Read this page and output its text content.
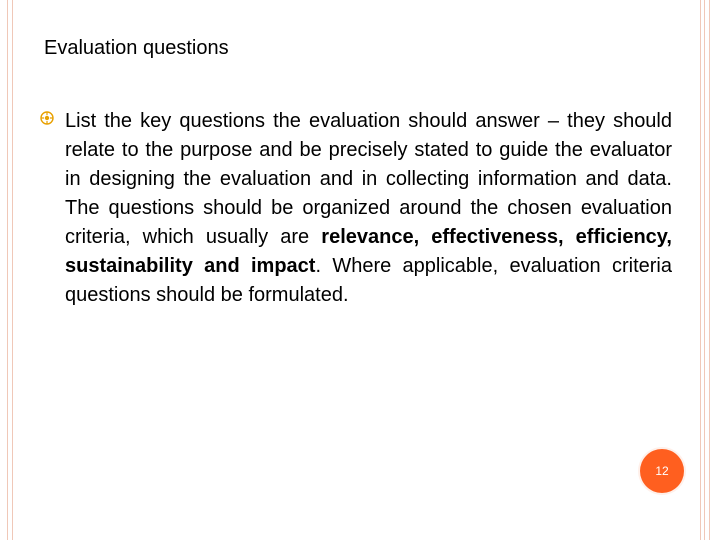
Evaluation questions

List the key questions the evaluation should answer – they should relate to the purpose and be precisely stated to guide the evaluator in designing the evaluation and in collecting information and data. The questions should be organized around the chosen evaluation criteria, which usually are relevance, effectiveness, efficiency, sustainability and impact. Where applicable, evaluation criteria questions should be formulated.

12
